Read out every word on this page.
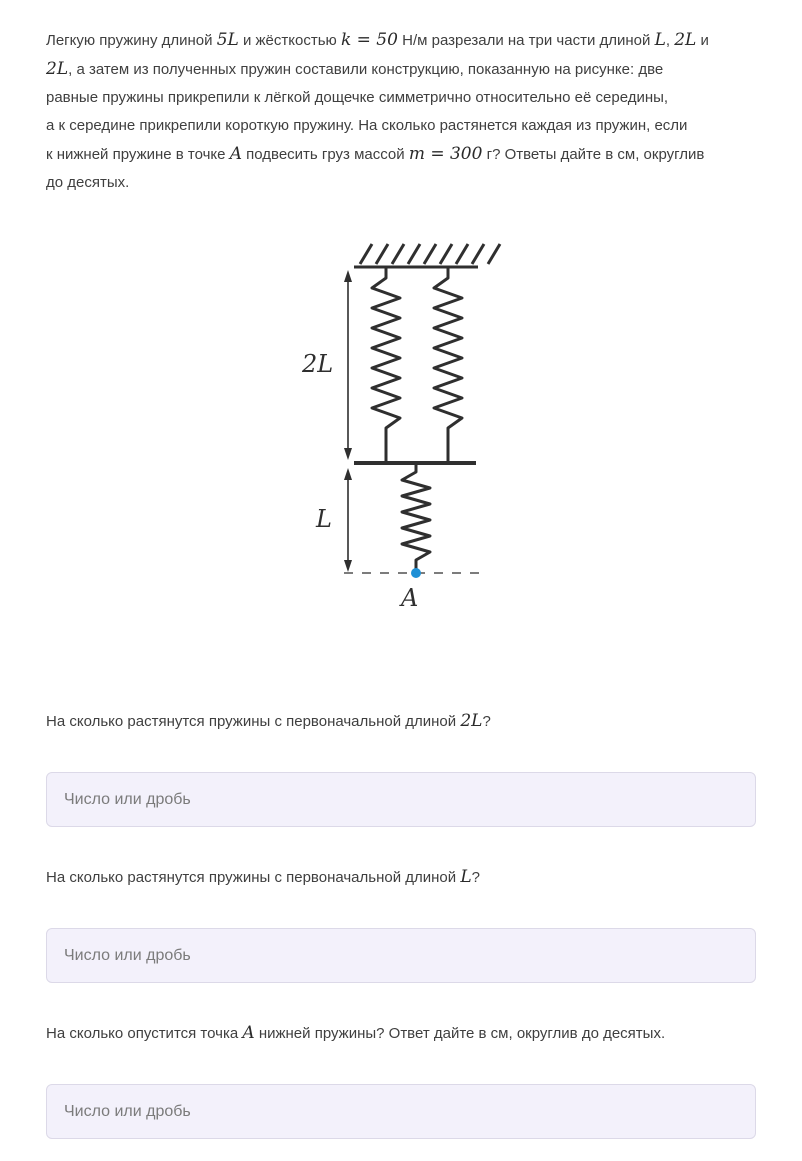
Легкую пружину длиной 5L и жёсткостью k = 50 Н/м разрезали на три части длиной L, 2L и

2L, а затем из полученных пружин составили конструкцию, показанную на рисунке: две

равные пружины прикрепили к лёгкой дощечке симметрично относительно её середины,

а к середине прикрепили короткую пружину. На сколько растянется каждая из пружин, если

к нижней пружине в точке A подвесить груз массой m = 300 г? Ответы дайте в см, округлив

до десятых.

2L
L
A
На сколько растянутся пружины с первоначальной длиной 2L?
Число или дробь
На сколько растянутся пружины с первоначальной длиной L?
Число или дробь
На сколько опустится точка A нижней пружины? Ответ дайте в см, округлив до десятых.
Число или дробь
